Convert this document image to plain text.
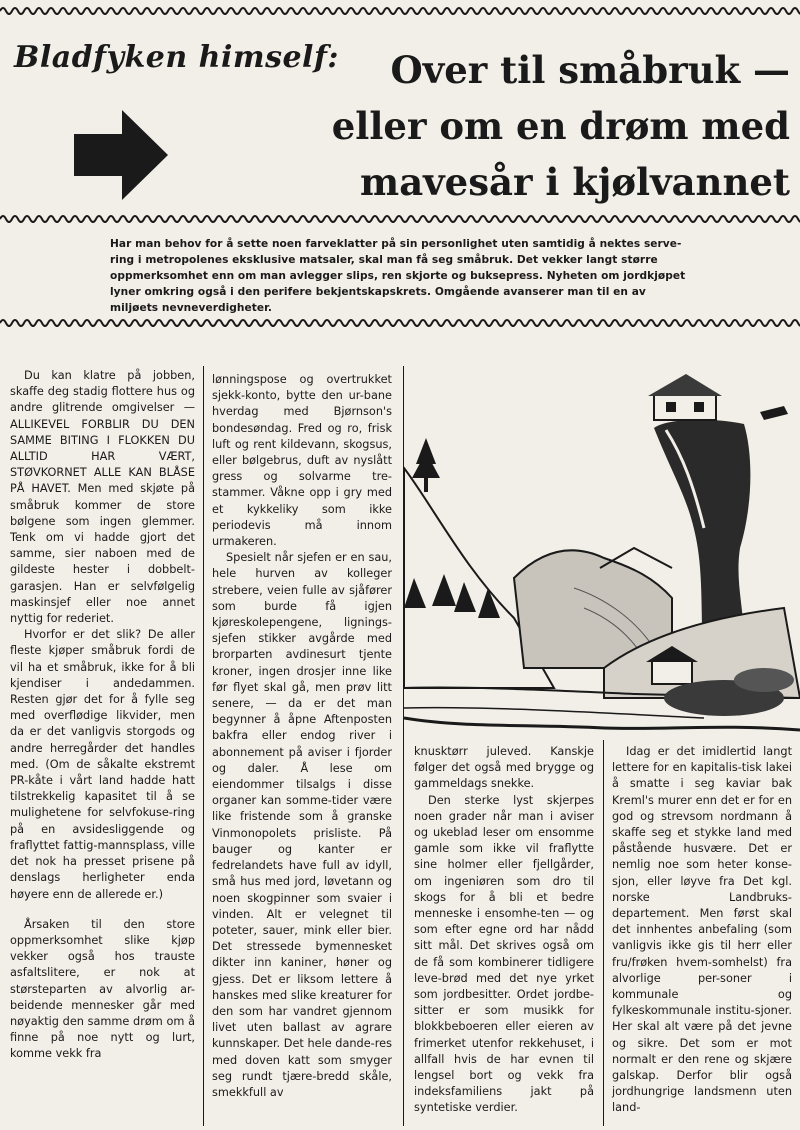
Bladfyken himself:	Over til småbruk —
eller om en drøm med
mavesår i kjølvannet
Har man behov for å sette noen farveklatter på sin personlighet uten samtidig å nektes serve-
ring i metropolenes eksklusive matsaler, skal man få seg småbruk. Det vekker langt større
oppmerksomhet enn om man avlegger slips, ren skjorte og buksepress. Nyheten om jordkjøpet
lyner omkring også i den perifere bekjentskapskrets. Omgående avanserer man til en av
miljøets nevneverdigheter.

Du kan klatre på jobben, skaffe deg stadig flottere hus og andre glitrende omgivelser — ALLIKEVEL FORBLIR DU DEN SAMME BITING I FLOKKEN DU ALLTID HAR VÆRT, STØVKORNET ALLE KAN BLÅSE PÅ HAVET. Men med skjøte på småbruk kommer de store bølgene som ingen glemmer. Tenk om vi hadde gjort det samme, sier naboen med de gildeste hester i dobbelt-garasjen. Han er selvfølgelig maskinsjef eller noe annet nyttig for rederiet.

Hvorfor er det slik? De aller fleste kjøper småbruk fordi de vil ha et småbruk, ikke for å bli kjendiser i andedammen. Resten gjør det for å fylle seg med overflødige likvider, men da er det vanligvis storgods og andre herregårder det handles med. (Om de såkalte ekstremt PR-kåte i vårt land hadde hatt tilstrekkelig kapasitet til å se mulighetene for selvfokuse-ring på en avsidesliggende og fraflyttet fattig-mannsplass, ville det nok ha presset prisene på denslags herligheter enda høyere enn de allerede er.)

Årsaken til den store oppmerksomhet slike kjøp vekker også hos trauste asfaltslitere, er nok at størsteparten av alvorlig ar-beidende mennesker går med nøyaktig den samme drøm om å finne på noe nytt og lurt, komme vekk fra

lønningspose og overtrukket sjekk-konto, bytte den ur-bane hverdag med Bjørnson's bondesøndag. Fred og ro, frisk luft og rent kildevann, skogsus, eller bølgebrus, duft av nyslått gress og solvarme tre-stammer. Våkne opp i gry med et kykkeliky som ikke periodevis må innom urmakeren.

Spesielt når sjefen er en sau, hele hurven av kolleger strebere, veien fulle av sjåfører som burde få igjen kjøreskolepengene, lignings-sjefen stikker avgårde med brorparten avdinesurt tjente kroner, ingen drosjer inne like før flyet skal gå, men prøv litt senere, — da er det man begynner å åpne Aftenposten bakfra eller endog river i abonnement på aviser i fjorder og daler. Å lese om eiendommer tilsalgs i disse organer kan somme-tider være like fristende som å granske Vinmonopolets prisliste. På bauger og kanter er fedrelandets have full av idyll, små hus med jord, løvetann og noen skogpinner som svaier i vinden. Alt er velegnet til poteter, sauer, mink eller bier. Det stressede bymennesket dikter inn kaniner, høner og gjess. Det er liksom lettere å hanskes med slike kreaturer for den som har vandret gjennom livet uten ballast av agrare kunnskaper. Det hele dande-res med doven katt som smyger seg rundt tjære-bredd skåle, smekkfull av

knusktørr juleved. Kanskje følger det også med brygge og gammeldags snekke.

Den sterke lyst skjerpes noen grader når man i aviser og ukeblad leser om ensomme gamle som ikke vil fraflytte sine holmer eller fjellgårder, om ingeniøren som dro til skogs for å bli et bedre menneske i ensomhe-ten — og som efter egne ord har nådd sitt mål. Det skrives også om de få som kombinerer tidligere leve-brød med det nye yrket som jordbesitter. Ordet jordbe-sitter er som musikk for blokkbeboeren eller eieren av frimerket utenfor rekkehuset, i allfall hvis de har evnen til lengsel bort og vekk fra indeksfamiliens jakt på syntetiske verdier.

Idag er det imidlertid langt lettere for en kapitalis-tisk lakei å smatte i seg kaviar bak Kreml's murer enn det er for en god og strevsom nordmann å skaffe seg et stykke land med påstående husvære. Det er nemlig noe som heter konse-sjon, eller løyve fra Det kgl. norske Landbruks-departement. Men først skal det innhentes anbefaling (som vanligvis ikke gis til herr eller fru/frøken hvem-somhelst) fra alvorlige per-soner i kommunale og fylkeskommunale institu-sjoner. Her skal alt være på det jevne og sikre. Det som er mot normalt er den rene og skjære galskap. Derfor blir også jordhungrige landsmenn uten land-
